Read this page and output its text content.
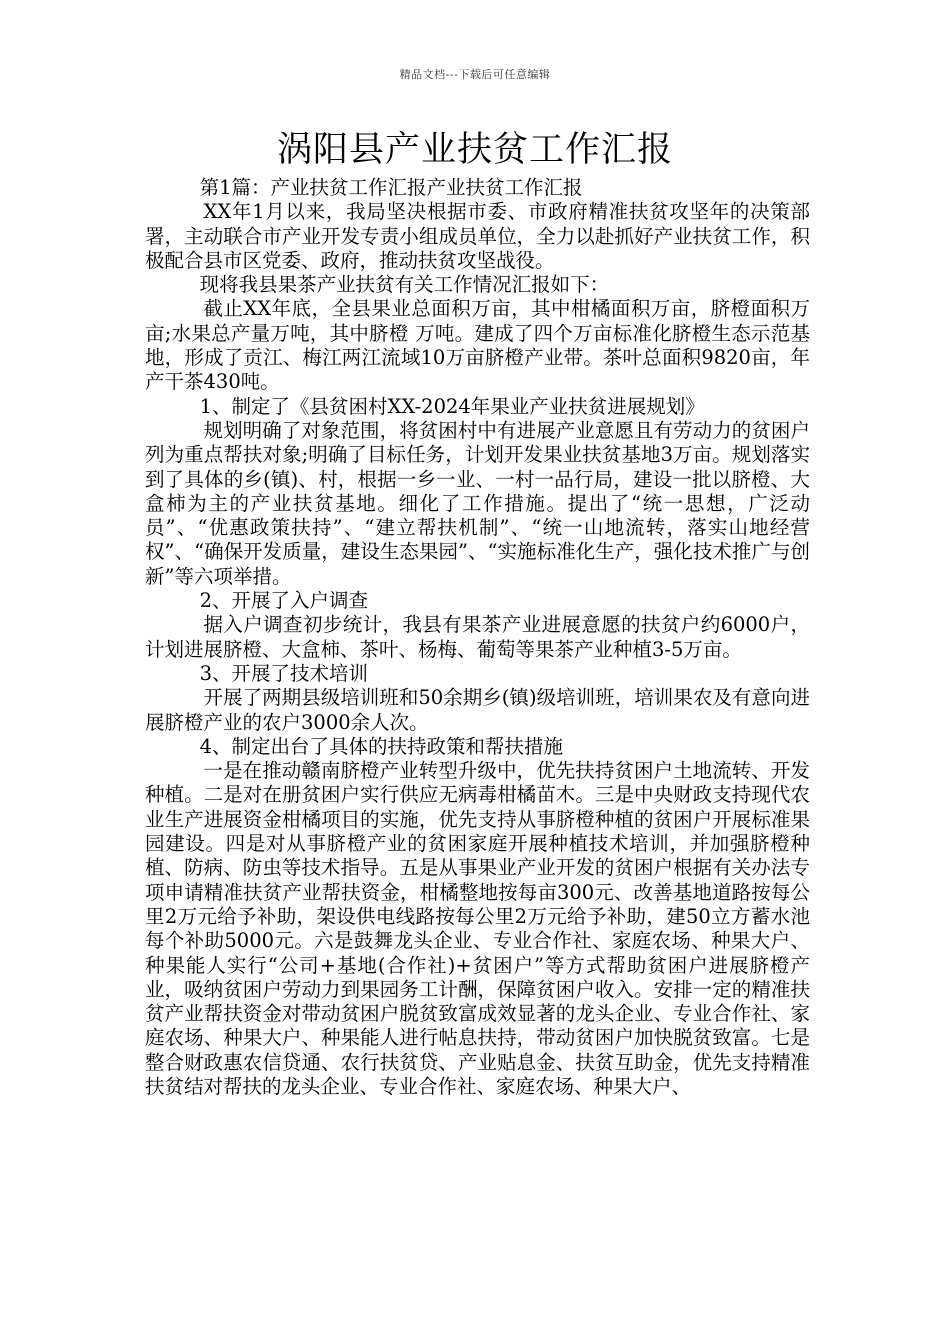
精品文档---下载后可任意编辑
涡阳县产业扶贫工作汇报

第1篇：产业扶贫工作汇报产业扶贫工作汇报

XX年1月以来，我局坚决根据市委、市政府精准扶贫攻坚年的决策部署，主动联合市产业开发专责小组成员单位，全力以赴抓好产业扶贫工作，积极配合县市区党委、政府，推动扶贫攻坚战役。

现将我县果茶产业扶贫有关工作情况汇报如下：

截止XX年底，全县果业总面积万亩，其中柑橘面积万亩，脐橙面积万亩;水果总产量万吨，其中脐橙 万吨。建成了四个万亩标准化脐橙生态示范基地，形成了贡江、梅江两江流域10万亩脐橙产业带。茶叶总面积9820亩，年产干茶430吨。

1、制定了《县贫困村XX-2024年果业产业扶贫进展规划》

规划明确了对象范围，将贫困村中有进展产业意愿且有劳动力的贫困户列为重点帮扶对象;明确了目标任务，计划开发果业扶贫基地3万亩。规划落实到了具体的乡(镇)、村，根据一乡一业、一村一品行局，建设一批以脐橙、大盒柿为主的产业扶贫基地。细化了工作措施。提出了“统一思想，广泛动员”、“优惠政策扶持”、“建立帮扶机制”、“统一山地流转，落实山地经营权”、“确保开发质量，建设生态果园”、“实施标准化生产，强化技术推广与创新”等六项举措。

2、开展了入户调查

据入户调查初步统计，我县有果茶产业进展意愿的扶贫户约6000户，计划进展脐橙、大盒柿、茶叶、杨梅、葡萄等果茶产业种植3-5万亩。

3、开展了技术培训

开展了两期县级培训班和50余期乡(镇)级培训班，培训果农及有意向进展脐橙产业的农户3000余人次。

4、制定出台了具体的扶持政策和帮扶措施

一是在推动赣南脐橙产业转型升级中，优先扶持贫困户土地流转、开发种植。二是对在册贫困户实行供应无病毒柑橘苗木。三是中央财政支持现代农业生产进展资金柑橘项目的实施，优先支持从事脐橙种植的贫困户开展标准果园建设。四是对从事脐橙产业的贫困家庭开展种植技术培训，并加强脐橙种植、防病、防虫等技术指导。五是从事果业产业开发的贫困户根据有关办法专项申请精准扶贫产业帮扶资金，柑橘整地按每亩300元、改善基地道路按每公里2万元给予补助，架设供电线路按每公里2万元给予补助，建50立方蓄水池每个补助5000元。六是鼓舞龙头企业、专业合作社、家庭农场、种果大户、种果能人实行“公司+基地(合作社)+贫困户”等方式帮助贫困户进展脐橙产业，吸纳贫困户劳动力到果园务工计酬，保障贫困户收入。安排一定的精准扶贫产业帮扶资金对带动贫困户脱贫致富成效显著的龙头企业、专业合作社、家庭农场、种果大户、种果能人进行帖息扶持，带动贫困户加快脱贫致富。七是整合财政惠农信贷通、农行扶贫贷、产业贴息金、扶贫互助金，优先支持精准扶贫结对帮扶的龙头企业、专业合作社、家庭农场、种果大户、
